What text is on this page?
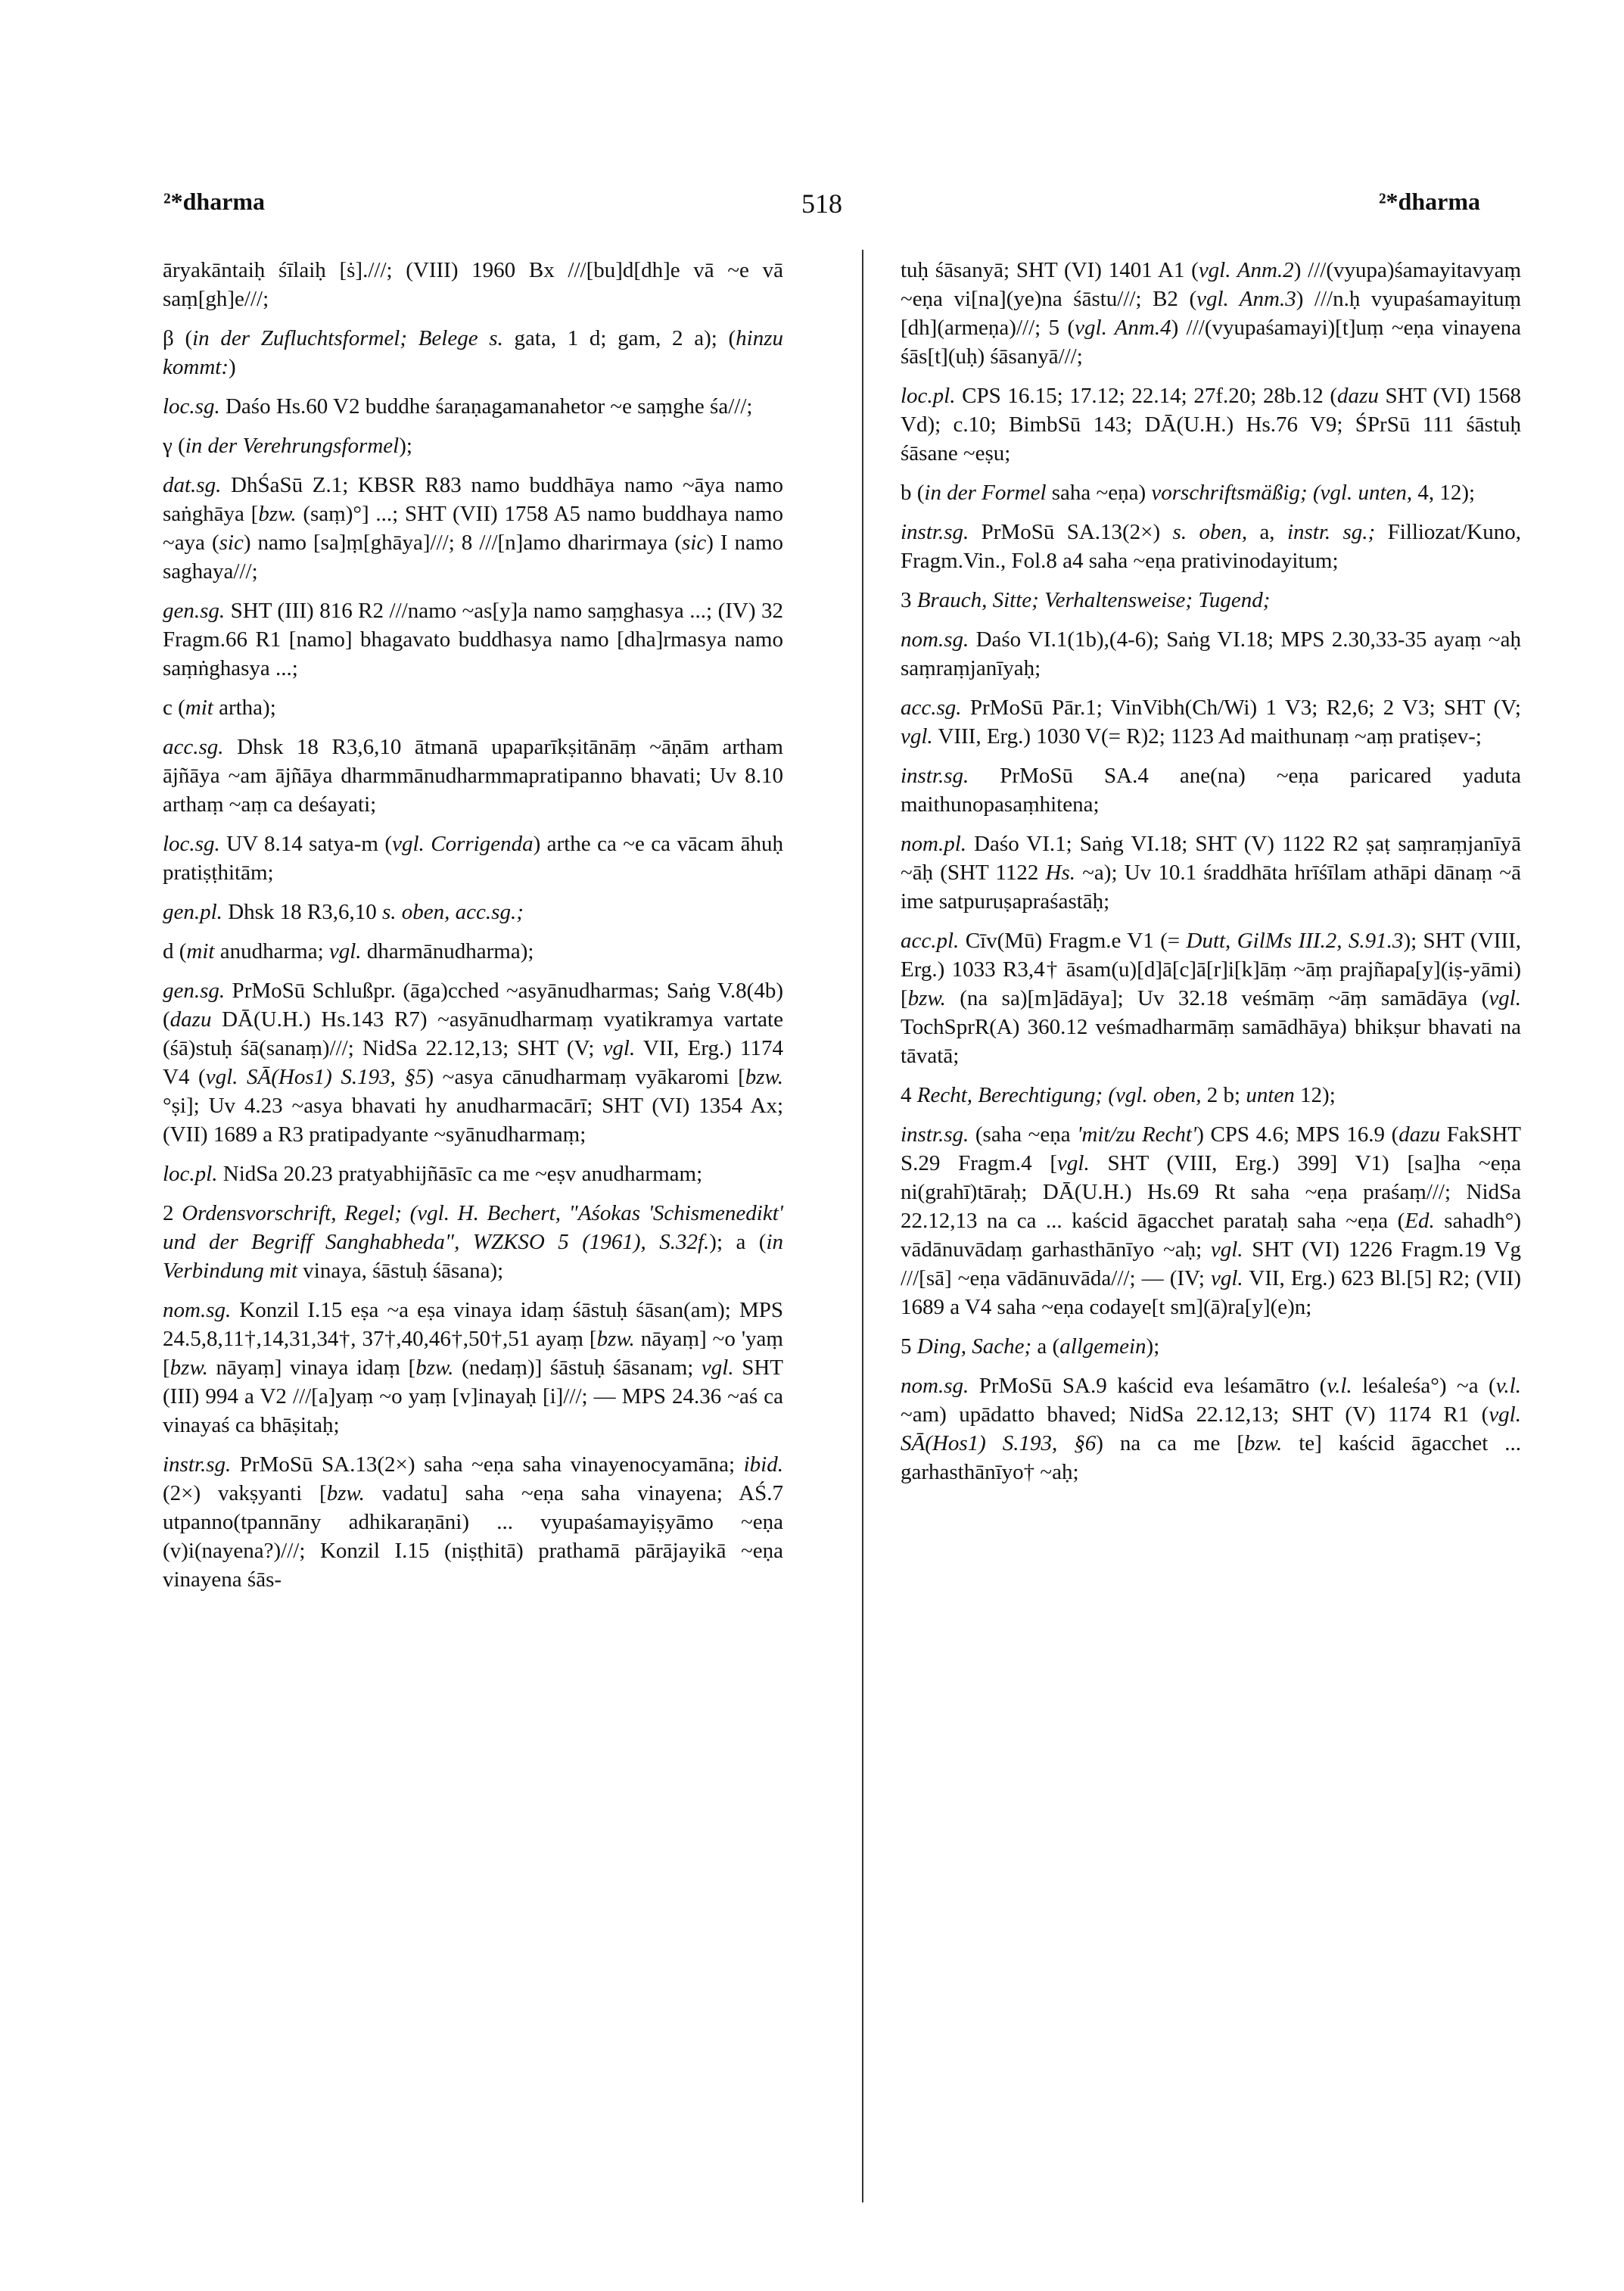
²*dharma	518	²*dharma

āryakāntaiḥ śīlaiḥ [ṡ].///; (VIII) 1960 Bx ///[bu]d[dh]e vā ~e vā saṃ[gh]e///;

β (in der Zufluchtsformel; Belege s. gata, 1 d; gam, 2 a); (hinzu kommt:)

loc.sg. Daśo Hs.60 V2 buddhe śaraṇagamanahetor ~e saṃghe śa///;

γ (in der Verehrungsformel);

dat.sg. DhŚaSū Z.1; KBSR R83 namo buddhāya namo ~āya namo saṅghāya [bzw. (saṃ)°] ...; SHT (VII) 1758 A5 namo buddhaya namo ~aya (sic) namo [sa]ṃ[ghāya]///; 8 ///[n]amo dharirmaya (sic) I namo saghaya///;

gen.sg. SHT (III) 816 R2 ///namo ~as[y]a namo saṃghasya ...; (IV) 32 Fragm.66 R1 [namo] bhagavato buddhasya namo [dha]rmasya namo saṃṅghasya ...;

c (mit artha);

acc.sg. Dhsk 18 R3,6,10 ātmanā upaparīkṣitānāṃ ~āṇām artham ājñāya ~am ājñāya dharmmānudharmmapratipanno bhavati; Uv 8.10 arthaṃ ~aṃ ca deśayati;

loc.sg. UV 8.14 satya-m (vgl. Corrigenda) arthe ca ~e ca vācam āhuḥ pratiṣṭhitām;

gen.pl. Dhsk 18 R3,6,10 s. oben, acc.sg.;

d (mit anudharma; vgl. dharmānudharma);

gen.sg. PrMoSū Schlußpr. (āga)cched ~asyānudharmas; Saṅg V.8(4b) (dazu DĀ(U.H.) Hs.143 R7) ~asyānudharmaṃ vyatikramya vartate (śā)stuḥ śā(sanaṃ)///; NidSa 22.12,13; SHT (V; vgl. VII, Erg.) 1174 V4 (vgl. SĀ(Hos1) S.193, §5) ~asya cānudharmaṃ vyākaromi [bzw. °ṣi]; Uv 4.23 ~asya bhavati hy anudharmacārī; SHT (VI) 1354 Ax; (VII) 1689 a R3 pratipadyante ~syānudharmaṃ;

loc.pl. NidSa 20.23 pratyabhijñāsīc ca me ~eṣv anudharmam;

2 Ordensvorschrift, Regel; (vgl. H. Bechert, "Aśokas 'Schismenedikt' und der Begriff Sanghabheda", WZKSO 5 (1961), S.32f.); a (in Verbindung mit vinaya, śāstuḥ śāsana);

nom.sg. Konzil I.15 eṣa ~a eṣa vinaya idaṃ śāstuḥ śāsan(am); MPS 24.5,8,11†,14,31,34†, 37†,40,46†,50†,51 ayaṃ [bzw. nāyaṃ] ~o 'yaṃ [bzw. nāyaṃ] vinaya idaṃ [bzw. (nedaṃ)] śāstuḥ śāsanam; vgl. SHT (III) 994 a V2 ///[a]yaṃ ~o yaṃ [v]inayaḥ [i]///; — MPS 24.36 ~aś ca vinayaś ca bhāṣitaḥ;

instr.sg. PrMoSū SA.13(2×) saha ~eṇa saha vinayenocyamāna; ibid.(2×) vakṣyanti [bzw. vadatu] saha ~eṇa saha vinayena; AŚ.7 utpanno(tpannāny adhikaraṇāni) ... vyupaśamayiṣyāmo ~eṇa (v)i(nayena?)///; Konzil I.15 (niṣṭhitā) prathamā pārājayikā ~eṇa vinayena śās-

tuḥ śāsanyā; SHT (VI) 1401 A1 (vgl. Anm.2) ///(vyupa)śamayitavyaṃ ~eṇa vi[na](ye)na śāstu///; B2 (vgl. Anm.3) ///n.ḥ vyupaśamayituṃ [dh](armeṇa)///; 5 (vgl. Anm.4) ///(vyupaśamayi)[t]uṃ ~eṇa vinayena śās[t](uḥ) śāsanyā///;

loc.pl. CPS 16.15; 17.12; 22.14; 27f.20; 28b.12 (dazu SHT (VI) 1568 Vd); c.10; BimbSū 143; DĀ(U.H.) Hs.76 V9; ŚPrSū 111 śāstuḥ śāsane ~eṣu;

b (in der Formel saha ~eṇa) vorschriftsmäßig; (vgl. unten, 4, 12);

instr.sg. PrMoSū SA.13(2×) s. oben, a, instr. sg.; Filliozat/Kuno, Fragm.Vin., Fol.8 a4 saha ~eṇa prativinodayitum;

3 Brauch, Sitte; Verhaltensweise; Tugend;

nom.sg. Daśo VI.1(1b),(4-6); Saṅg VI.18; MPS 2.30,33-35 ayaṃ ~aḥ saṃraṃjanīyaḥ;

acc.sg. PrMoSū Pār.1; VinVibh(Ch/Wi) 1 V3; R2,6; 2 V3; SHT (V; vgl. VIII, Erg.) 1030 V(= R)2; 1123 Ad maithunaṃ ~aṃ pratiṣev-;

instr.sg. PrMoSū SA.4 ane(na) ~eṇa paricared yaduta maithunopasaṃhitena;

nom.pl. Daśo VI.1; Saṅg VI.18; SHT (V) 1122 R2 ṣaṭ saṃraṃjanīyā ~āḥ (SHT 1122 Hs. ~a); Uv 10.1 śraddhāta hrīśīlam athāpi dānaṃ ~ā ime satpuruṣapraśastāḥ;

acc.pl. Cīv(Mū) Fragm.e V1 (= Dutt, GilMs III.2, S.91.3); SHT (VIII, Erg.) 1033 R3,4† āsam(u)[d]ā[c]ā[r]i[k]āṃ ~āṃ prajñapa[y](iṣ-yāmi) [bzw. (na sa)[m]ādāya]; Uv 32.18 veśmāṃ ~āṃ samādāya (vgl. TochSprR(A) 360.12 veśmadharmāṃ samādhāya) bhikṣur bhavati na tāvatā;

4 Recht, Berechtigung; (vgl. oben, 2 b; unten 12);

instr.sg. (saha ~eṇa 'mit/zu Recht') CPS 4.6; MPS 16.9 (dazu FakSHT S.29 Fragm.4 [vgl. SHT (VIII, Erg.) 399] V1) [sa]ha ~eṇa ni(grahī)tāraḥ; DĀ(U.H.) Hs.69 Rt saha ~eṇa praśaṃ///; NidSa 22.12,13 na ca ... kaścid āgacchet parataḥ saha ~eṇa (Ed. sahadh°) vādānuvādaṃ garhasthānīyo ~aḥ; vgl. SHT (VI) 1226 Fragm.19 Vg ///[sā] ~eṇa vādānuvāda///; — (IV; vgl. VII, Erg.) 623 Bl.[5] R2; (VII) 1689 a V4 saha ~eṇa codaye[t sm](ā)ra[y](e)n;

5 Ding, Sache; a (allgemein);

nom.sg. PrMoSū SA.9 kaścid eva leśamātro (v.l. leśaleśa°) ~a (v.l. ~am) upādatto bhaved; NidSa 22.12,13; SHT (V) 1174 R1 (vgl. SĀ(Hos1) S.193, §6) na ca me [bzw. te] kaścid āgacchet ... garhasthānīyo† ~aḥ;
